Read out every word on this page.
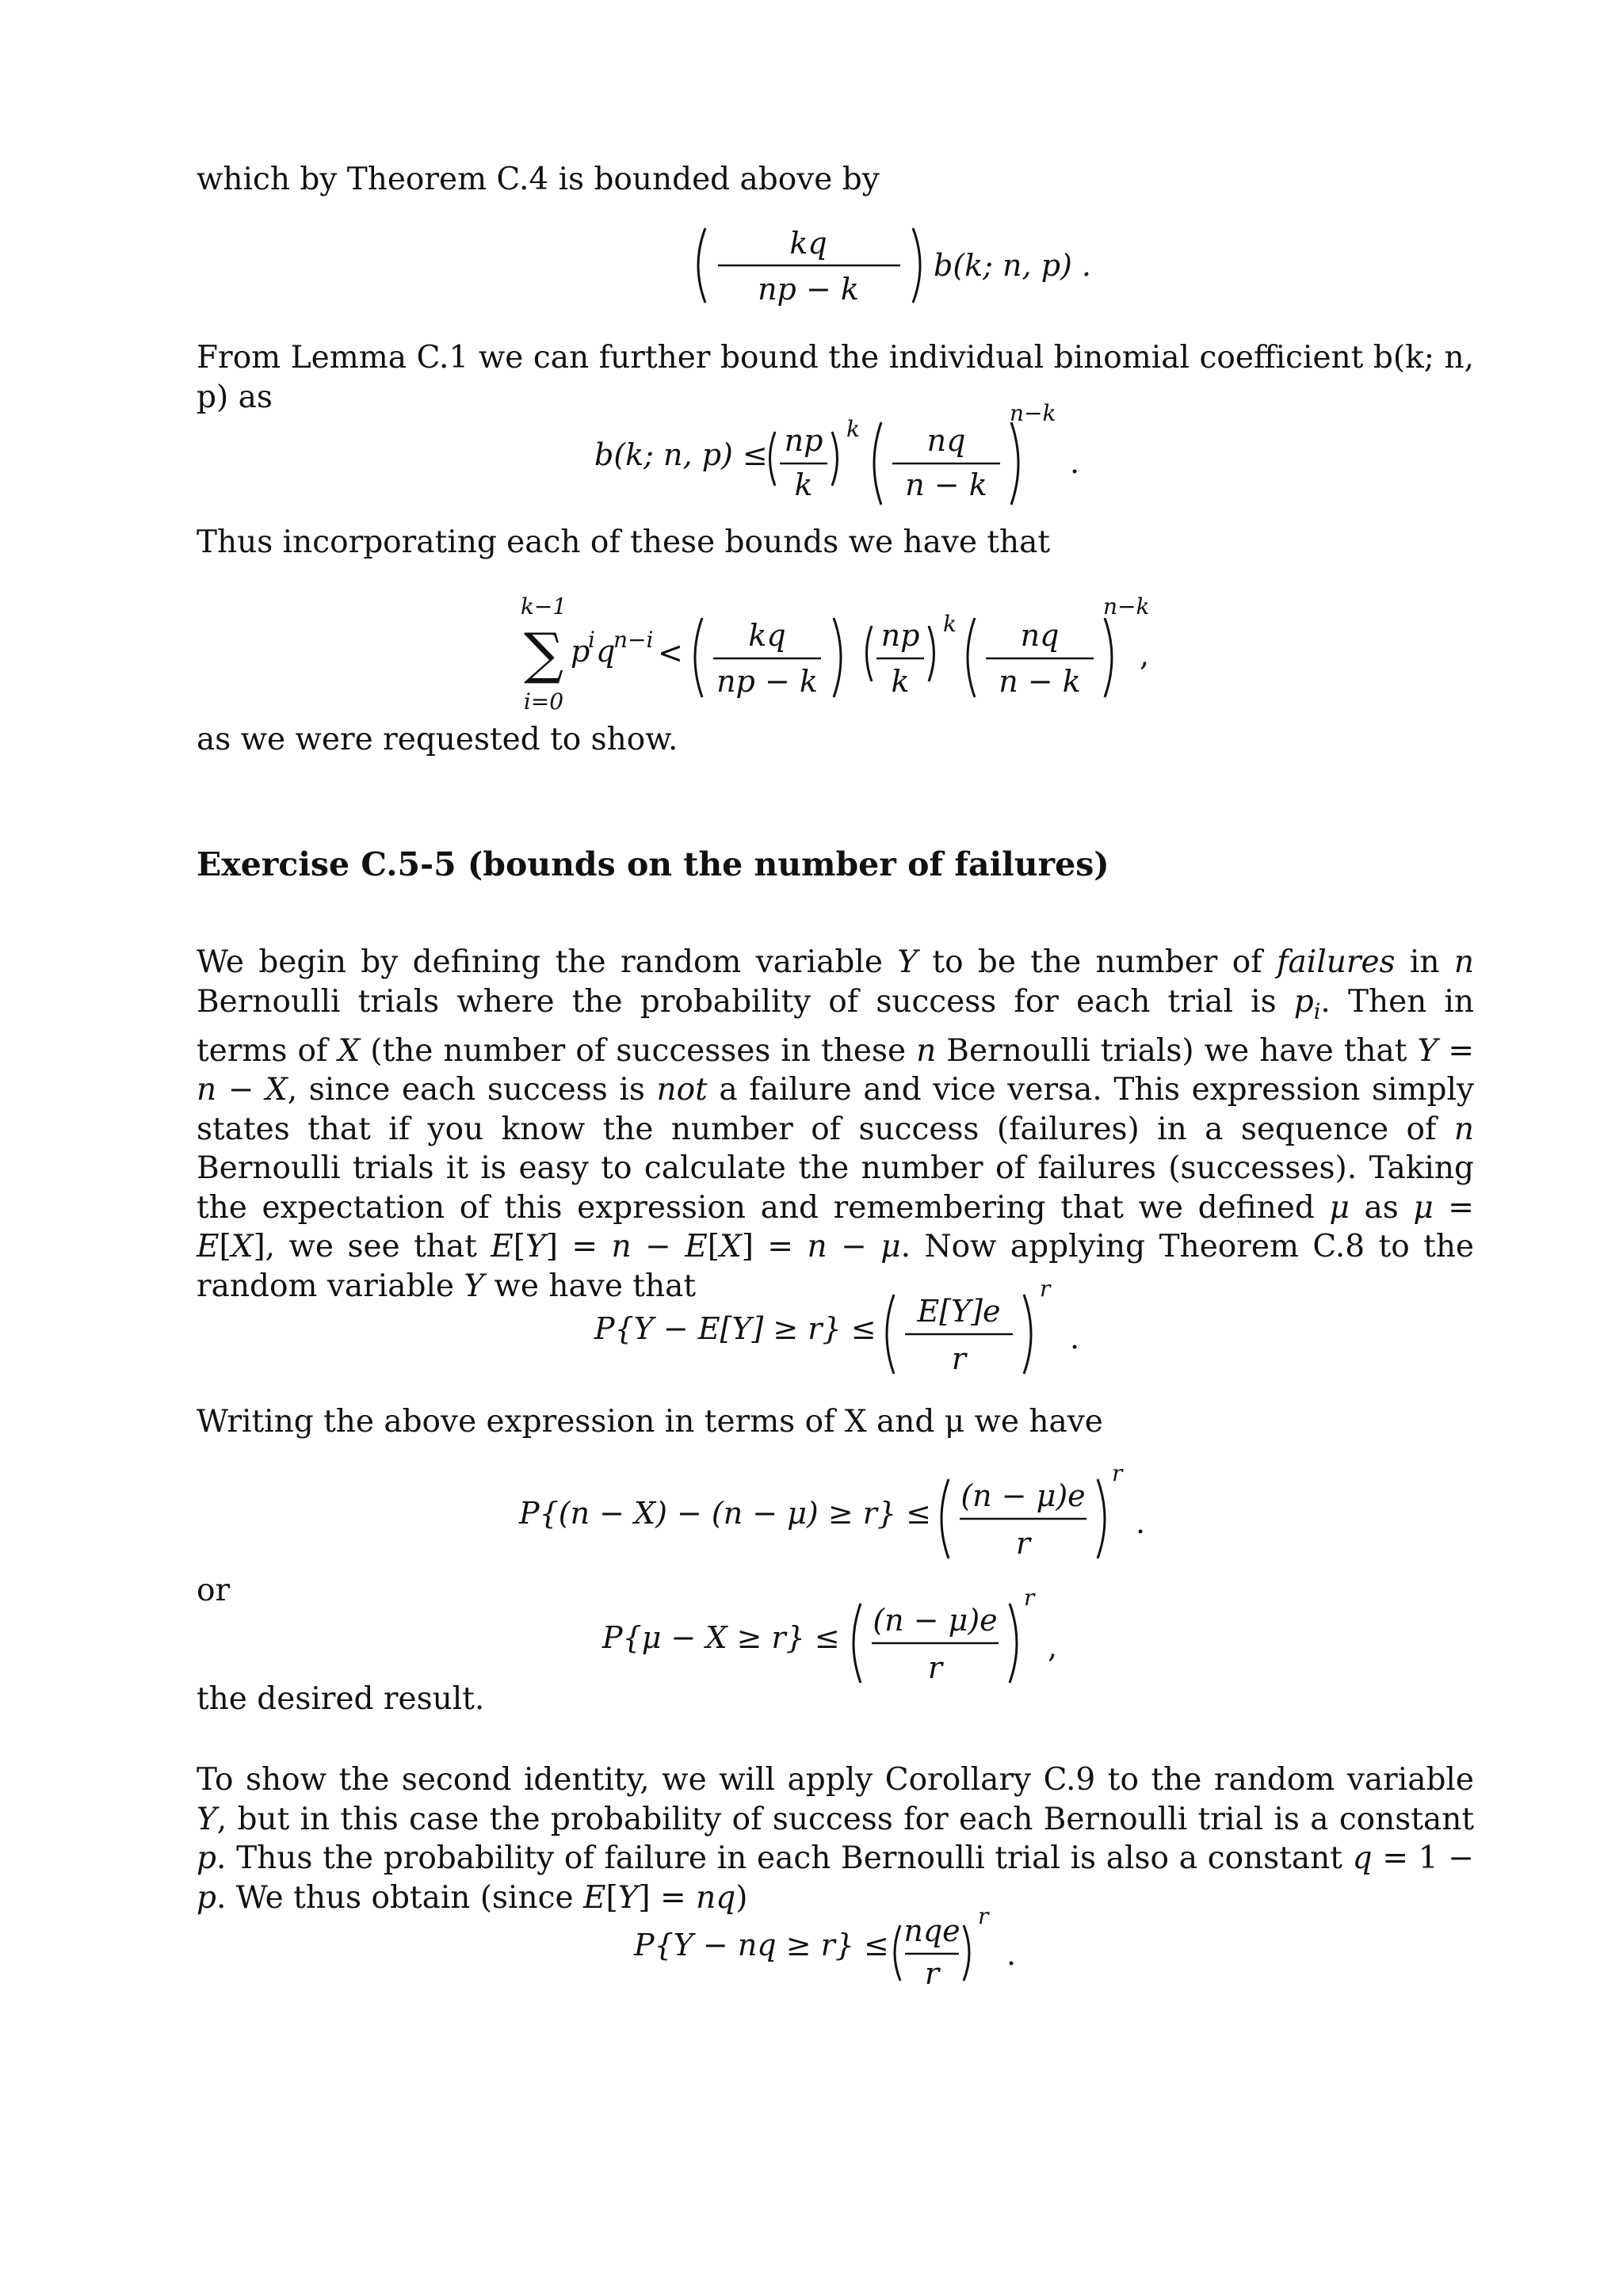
which by Theorem C.4 is bounded above by

kq
np − k
b(k; n, p) .

From Lemma C.1 we can further bound the individual binomial coefficient b(k; n, p) as

b(k; n, p) ≤ np
k
k nq
n − k
n−k
.

Thus incorporating each of these bounds we have that

k−1
∑
i=0
p
i q
n−i < kq
np − k
np
k
k nq
n − k
n−k
,

as we were requested to show.

Exercise C.5-5 (bounds on the number of failures)

We begin by defining the random variable Y to be the number of failures in n Bernoulli trials where the probability of success for each trial is $p_i$. Then in terms of X (the number of successes in these n Bernoulli trials) we have that Y = n − X, since each success is not a failure and vice versa. This expression simply states that if you know the number of success (failures) in a sequence of n Bernoulli trials it is easy to calculate the number of failures (successes). Taking the expectation of this expression and remembering that we defined μ as μ = E[X], we see that E[Y] = n − E[X] = n − μ. Now applying Theorem C.8 to the random variable Y we have that

P{Y − E[Y] ≥ r} ≤ E[Y]e
r
r
.

Writing the above expression in terms of X and μ we have

P{(n − X) − (n − μ) ≥ r} ≤ (n − μ)e
r
r
.

or

P{μ − X ≥ r} ≤ (n − μ)e
r
r
,

the desired result.

To show the second identity, we will apply Corollary C.9 to the random variable Y, but in this case the probability of success for each Bernoulli trial is a constant p. Thus the probability of failure in each Bernoulli trial is also a constant q = 1 − p. We thus obtain (since E[Y] = nq)

P{Y − nq ≥ r} ≤ nqe
r
r
.
